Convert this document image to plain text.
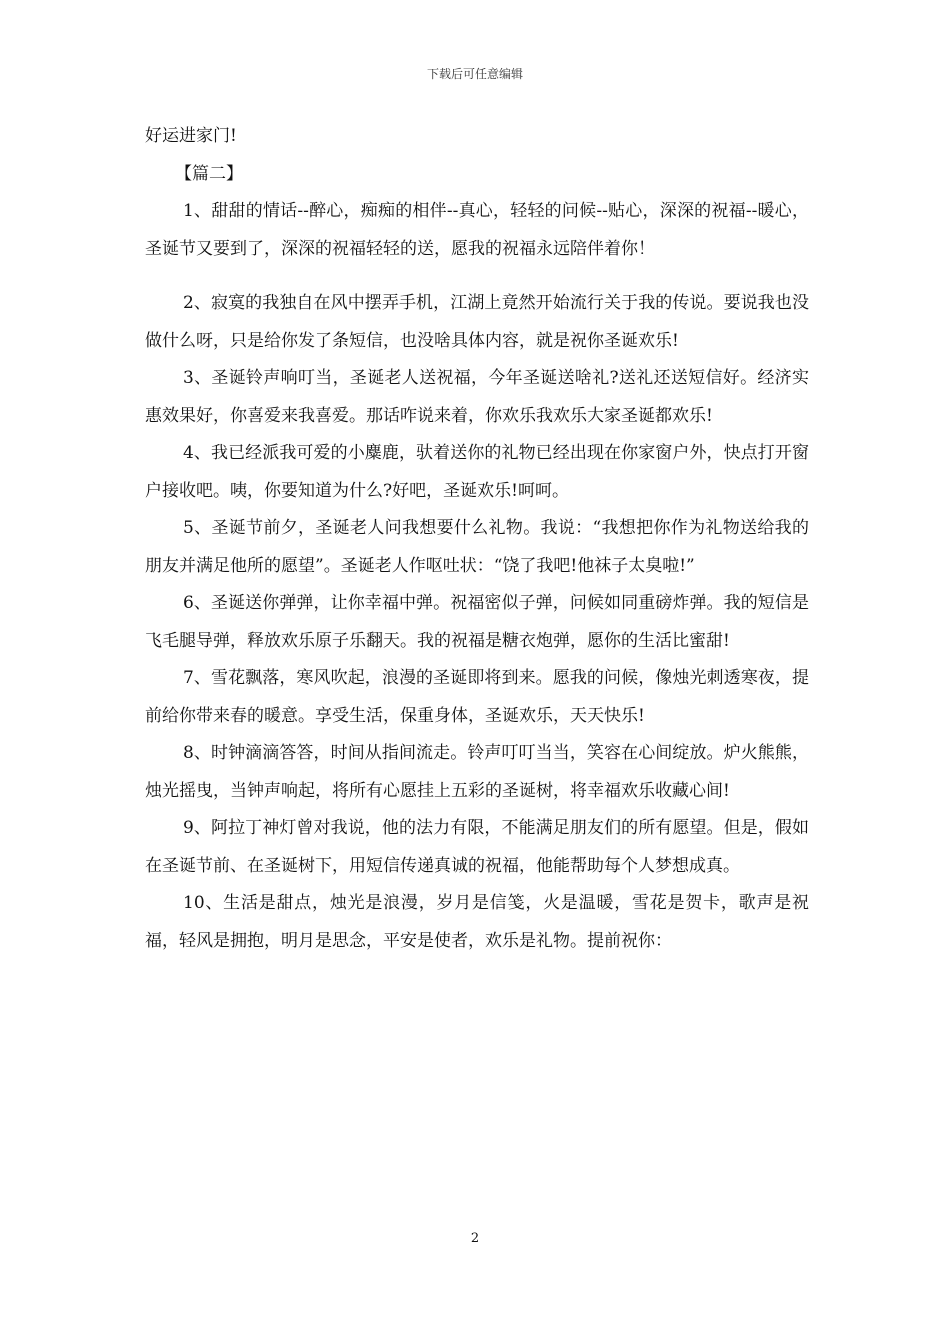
下载后可任意编辑

好运进家门!

【篇二】

1、甜甜的情话--醉心，痴痴的相伴--真心，轻轻的问候--贴心，深深的祝福--暖心，圣诞节又要到了，深深的祝福轻轻的送，愿我的祝福永远陪伴着你！

2、寂寞的我独自在风中摆弄手机，江湖上竟然开始流行关于我的传说。要说我也没做什么呀，只是给你发了条短信，也没啥具体内容，就是祝你圣诞欢乐!

3、圣诞铃声响叮当，圣诞老人送祝福，今年圣诞送啥礼?送礼还送短信好。经济实惠效果好，你喜爱来我喜爱。那话咋说来着，你欢乐我欢乐大家圣诞都欢乐!

4、我已经派我可爱的小麋鹿，驮着送你的礼物已经出现在你家窗户外，快点打开窗户接收吧。咦，你要知道为什么?好吧，圣诞欢乐!呵呵。

5、圣诞节前夕，圣诞老人问我想要什么礼物。我说：“我想把你作为礼物送给我的朋友并满足他所的愿望”。圣诞老人作呕吐状：“饶了我吧!他袜子太臭啦!”

6、圣诞送你弹弹，让你幸福中弹。祝福密似子弹，问候如同重磅炸弹。我的短信是飞毛腿导弹，释放欢乐原子乐翻天。我的祝福是糖衣炮弹，愿你的生活比蜜甜!

7、雪花飘落，寒风吹起，浪漫的圣诞即将到来。愿我的问候，像烛光刺透寒夜，提前给你带来春的暖意。享受生活，保重身体，圣诞欢乐，天天快乐!

8、时钟滴滴答答，时间从指间流走。铃声叮叮当当，笑容在心间绽放。炉火熊熊，烛光摇曳，当钟声响起，将所有心愿挂上五彩的圣诞树，将幸福欢乐收藏心间!

9、阿拉丁神灯曾对我说，他的法力有限，不能满足朋友们的所有愿望。但是，假如在圣诞节前、在圣诞树下，用短信传递真诚的祝福，他能帮助每个人梦想成真。

10、生活是甜点，烛光是浪漫，岁月是信笺，火是温暖，雪花是贺卡，歌声是祝福，轻风是拥抱，明月是思念，平安是使者，欢乐是礼物。提前祝你：

2
